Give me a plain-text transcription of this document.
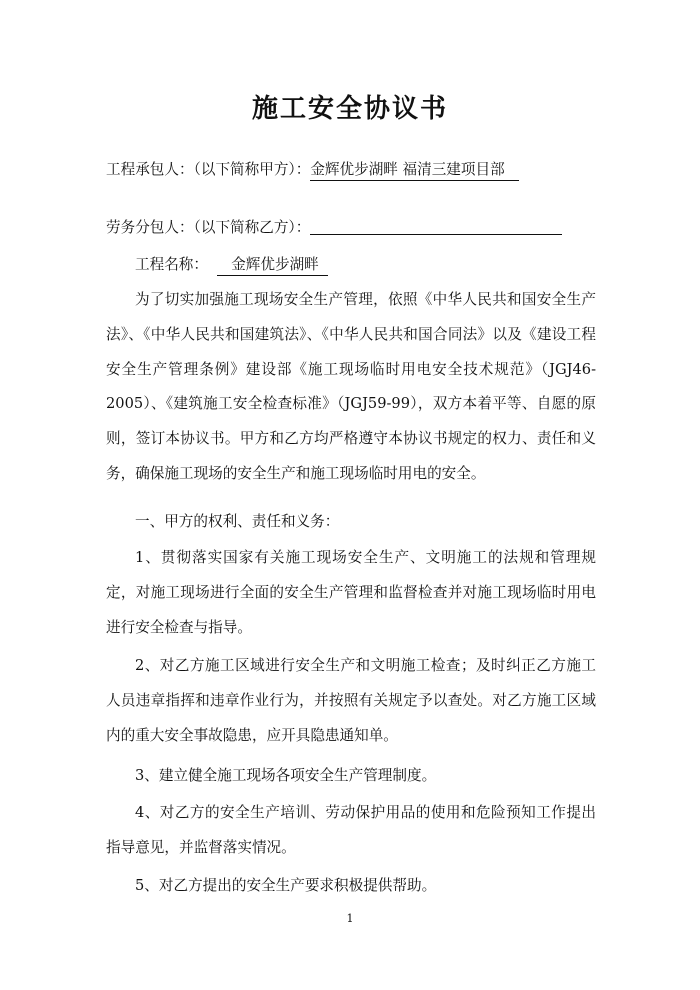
施工安全协议书
工程承包人：（以下简称甲方）：金辉优步湖畔 福清三建项目部
劳务分包人：（以下简称乙方）：
工程名称： 金辉优步湖畔
为了切实加强施工现场安全生产管理，依照《中华人民共和国安全生产法》、《中华人民共和国建筑法》、《中华人民共和国合同法》以及《建设工程安全生产管理条例》建设部《施工现场临时用电安全技术规范》（JGJ46-2005）、《建筑施工安全检查标准》（JGJ59-99），双方本着平等、自愿的原则，签订本协议书。甲方和乙方均严格遵守本协议书规定的权力、责任和义务，确保施工现场的安全生产和施工现场临时用电的安全。
一、甲方的权利、责任和义务：
1、贯彻落实国家有关施工现场安全生产、文明施工的法规和管理规定，对施工现场进行全面的安全生产管理和监督检查并对施工现场临时用电进行安全检查与指导。
2、对乙方施工区域进行安全生产和文明施工检查；及时纠正乙方施工人员违章指挥和违章作业行为，并按照有关规定予以查处。对乙方施工区域内的重大安全事故隐患，应开具隐患通知单。
3、建立健全施工现场各项安全生产管理制度。
4、对乙方的安全生产培训、劳动保护用品的使用和危险预知工作提出指导意见，并监督落实情况。
5、对乙方提出的安全生产要求积极提供帮助。
1
